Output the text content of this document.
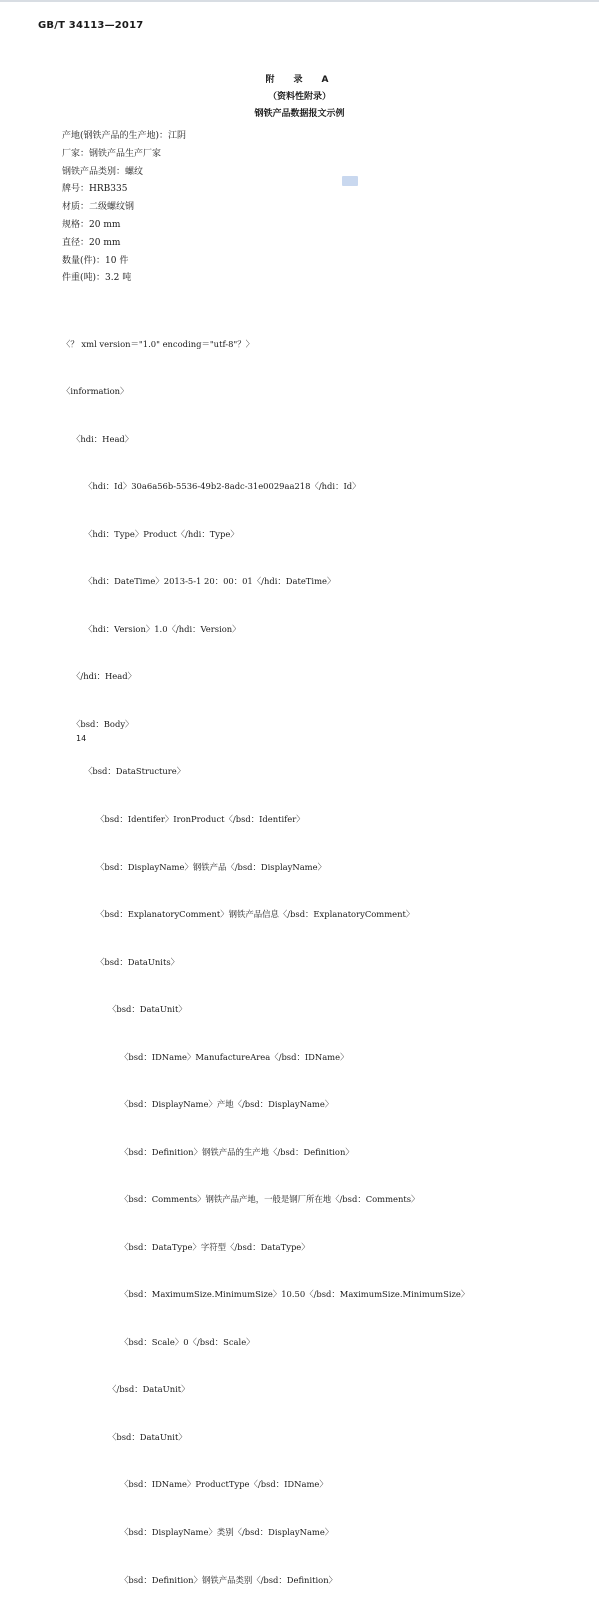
GB/T 34113—2017
附　录　A
（资料性附录）
钢铁产品数据报文示例
产地(钢铁产品的生产地)：江阴
厂家：钢铁产品生产厂家
钢铁产品类别：螺纹
牌号：HRB335
材质：二级螺纹钢
规格：20 mm
直径：20 mm
数量(件)：10 件
件重(吨)：3.2 吨

〈？ xml version＝"1.0" encoding＝"utf-8"？〉

〈information〉

〈hdi：Head〉

〈hdi：Id〉30a6a56b-5536-49b2-8adc-31e0029aa218〈/hdi：Id〉

〈hdi：Type〉Product〈/hdi：Type〉

〈hdi：DateTime〉2013-5-1 20：00：01〈/hdi：DateTime〉

〈hdi：Version〉1.0〈/hdi：Version〉

〈/hdi：Head〉

〈bsd：Body〉

〈bsd：DataStructure〉

〈bsd：Identifer〉IronProduct〈/bsd：Identifer〉

〈bsd：DisplayName〉钢铁产品〈/bsd：DisplayName〉

〈bsd：ExplanatoryComment〉钢铁产品信息〈/bsd：ExplanatoryComment〉

〈bsd：DataUnits〉

〈bsd：DataUnit〉

〈bsd：IDName〉ManufactureArea〈/bsd：IDName〉

〈bsd：DisplayName〉产地〈/bsd：DisplayName〉

〈bsd：Definition〉钢铁产品的生产地〈/bsd：Definition〉

〈bsd：Comments〉钢铁产品产地，一般是钢厂所在地〈/bsd：Comments〉

〈bsd：DataType〉字符型〈/bsd：DataType〉

〈bsd：MaximumSize.MinimumSize〉10.50〈/bsd：MaximumSize.MinimumSize〉

〈bsd：Scale〉0〈/bsd：Scale〉

〈/bsd：DataUnit〉

〈bsd：DataUnit〉

〈bsd：IDName〉ProductType〈/bsd：IDName〉

〈bsd：DisplayName〉类别〈/bsd：DisplayName〉

〈bsd：Definition〉钢铁产品类别〈/bsd：Definition〉

14
